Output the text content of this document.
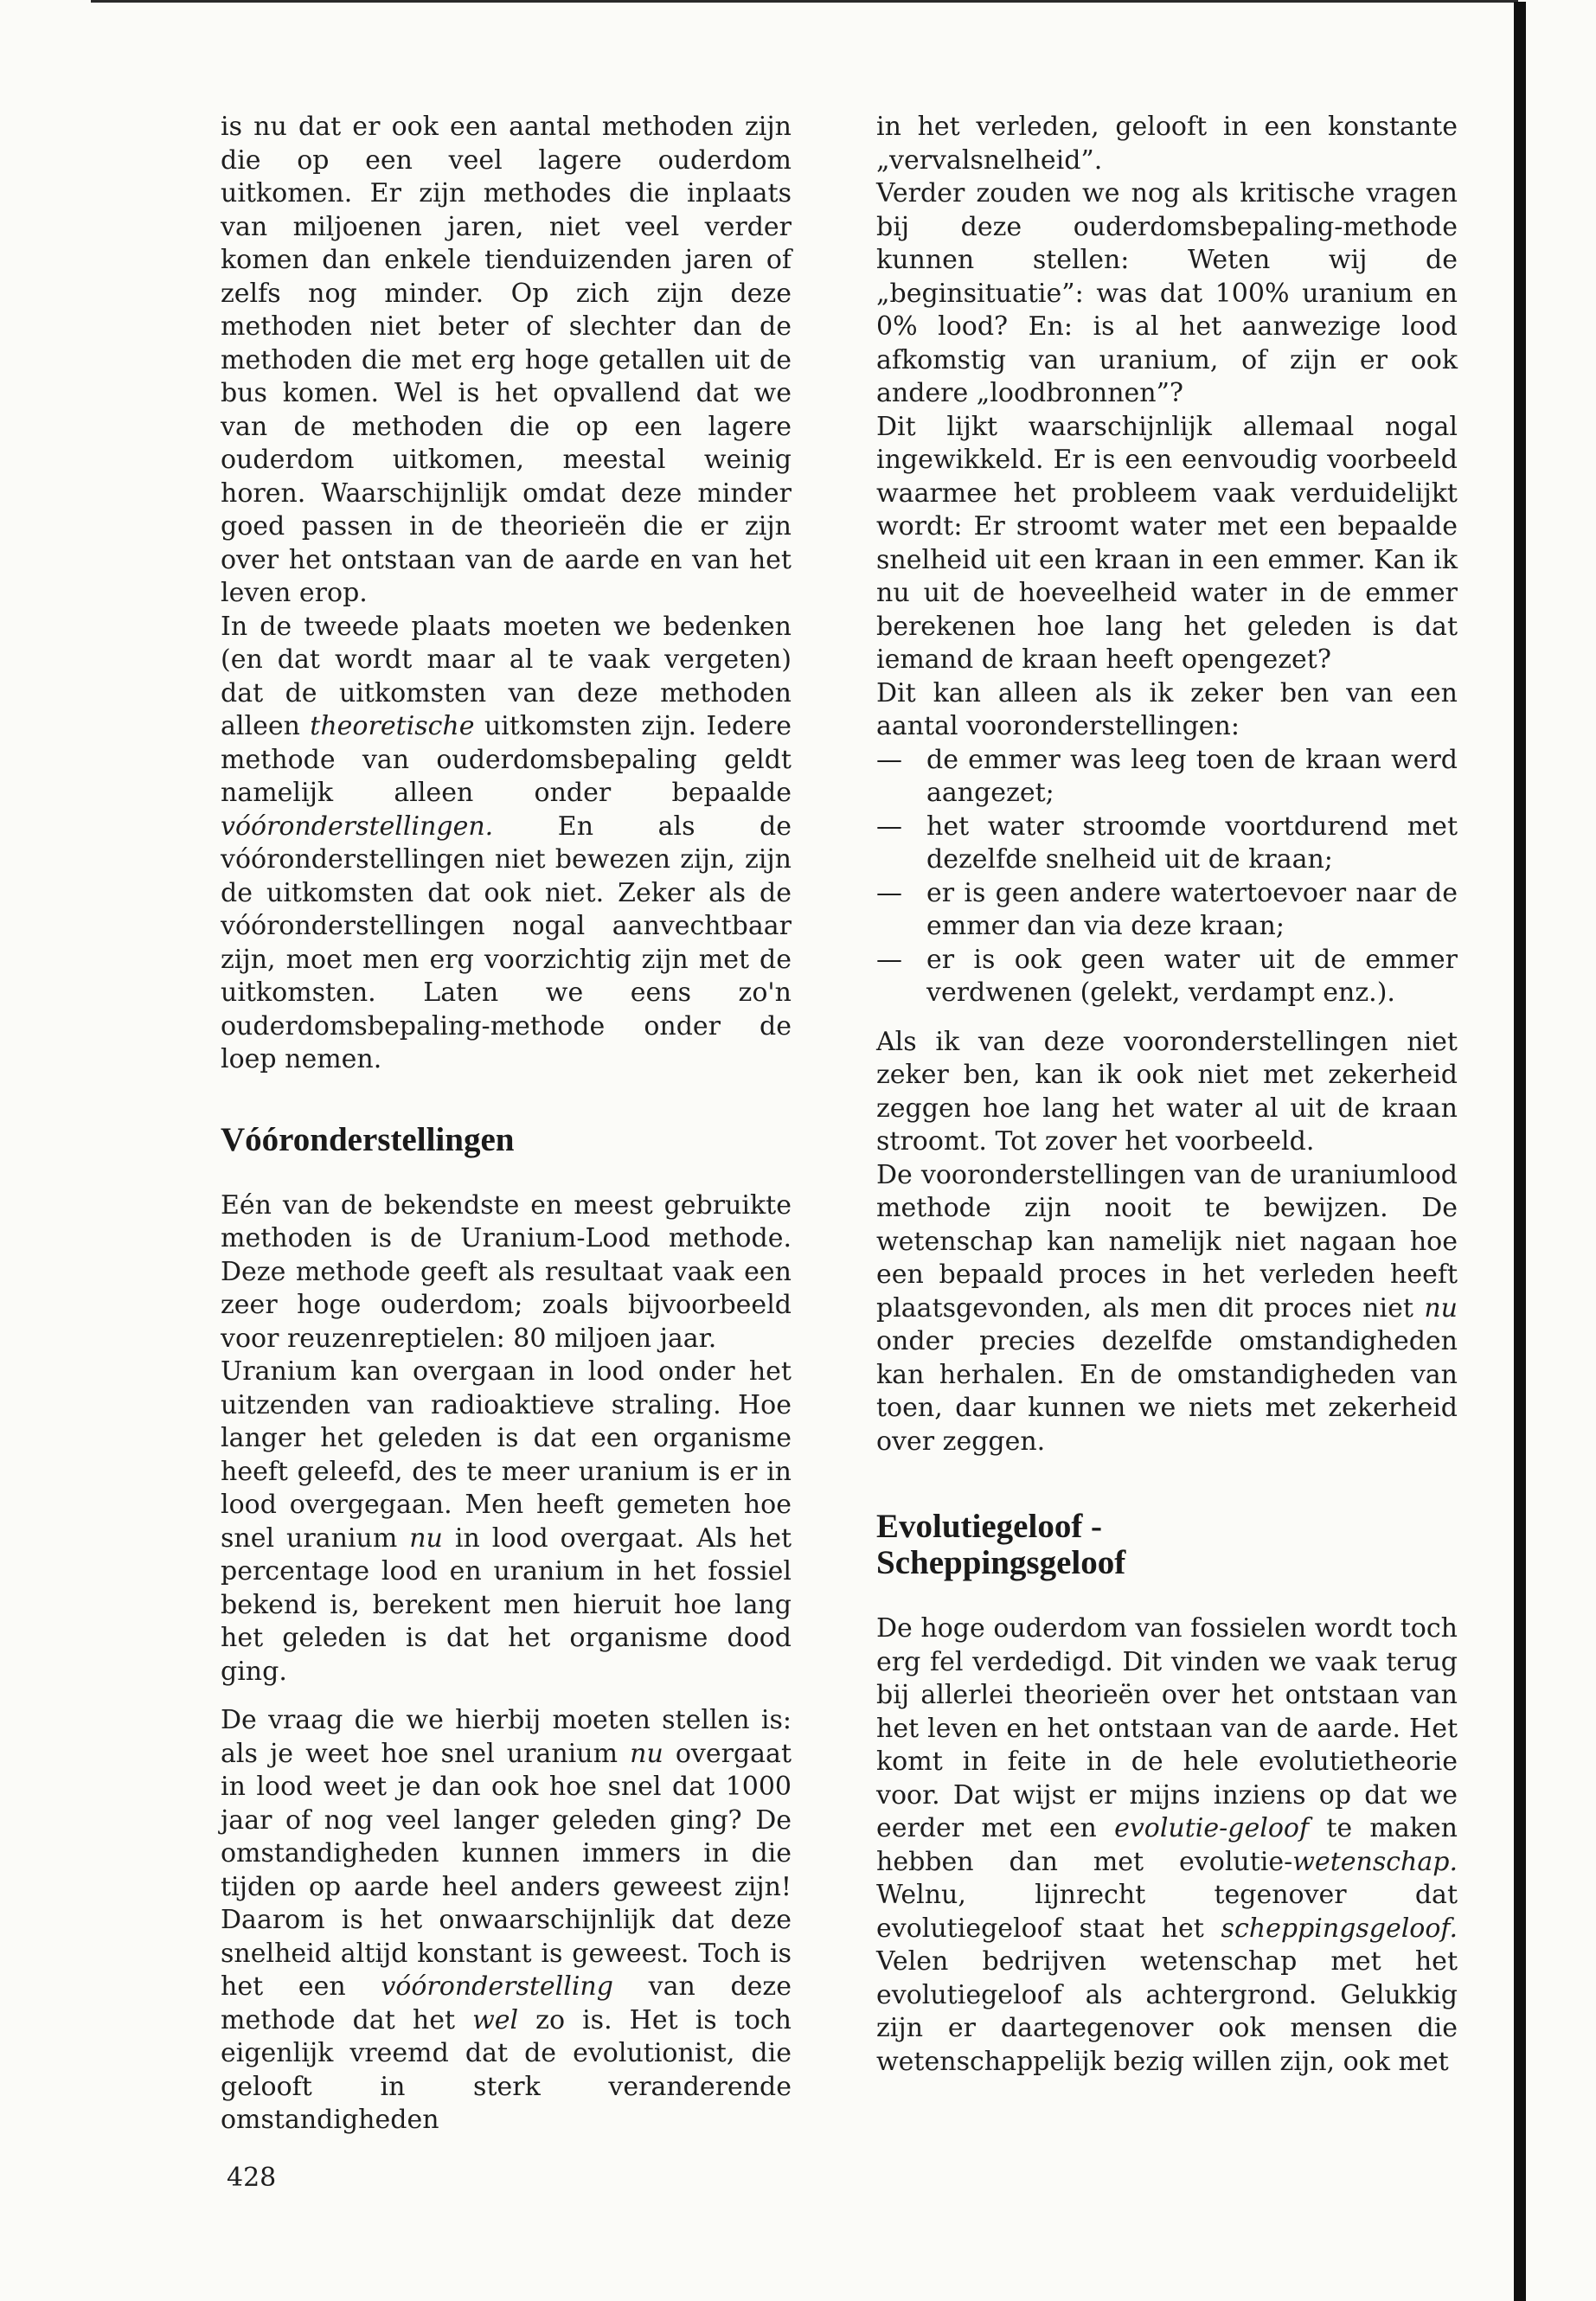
is nu dat er ook een aantal methoden zijn die op een veel lagere ouderdom uitkomen. Er zijn methodes die inplaats van miljoenen jaren, niet veel verder komen dan enkele tienduizenden jaren of zelfs nog minder. Op zich zijn deze methoden niet beter of slechter dan de methoden die met erg hoge getallen uit de bus komen. Wel is het opvallend dat we van de methoden die op een lagere ouderdom uitkomen, meestal weinig horen. Waarschijnlijk omdat deze minder goed passen in de theorieën die er zijn over het ontstaan van de aarde en van het leven erop.

In de tweede plaats moeten we bedenken (en dat wordt maar al te vaak vergeten) dat de uitkomsten van deze methoden alleen theoretische uitkomsten zijn. Iedere methode van ouderdomsbepaling geldt namelijk alleen onder bepaalde vóóronderstellingen. En als de vóóronderstellingen niet bewezen zijn, zijn de uitkomsten dat ook niet. Zeker als de vóóronderstellingen nogal aanvechtbaar zijn, moet men erg voorzichtig zijn met de uitkomsten. Laten we eens zo'n ouderdomsbepaling-methode onder de loep nemen.

Vóóronderstellingen

Eén van de bekendste en meest gebruikte methoden is de Uranium-Lood methode. Deze methode geeft als resultaat vaak een zeer hoge ouderdom; zoals bijvoorbeeld voor reuzenreptielen: 80 miljoen jaar.

Uranium kan overgaan in lood onder het uitzenden van radioaktieve straling. Hoe langer het geleden is dat een organisme heeft geleefd, des te meer uranium is er in lood overgegaan. Men heeft gemeten hoe snel uranium nu in lood overgaat. Als het percentage lood en uranium in het fossiel bekend is, berekent men hieruit hoe lang het geleden is dat het organisme dood ging.

De vraag die we hierbij moeten stellen is: als je weet hoe snel uranium nu overgaat in lood weet je dan ook hoe snel dat 1000 jaar of nog veel langer geleden ging? De omstandigheden kunnen immers in die tijden op aarde heel anders geweest zijn! Daarom is het onwaarschijnlijk dat deze snelheid altijd konstant is geweest. Toch is het een vóóronderstelling van deze methode dat het wel zo is. Het is toch eigenlijk vreemd dat de evolutionist, die gelooft in sterk veranderende omstandigheden

in het verleden, gelooft in een konstante „vervalsnelheid”.

Verder zouden we nog als kritische vragen bij deze ouderdomsbepaling-methode kunnen stellen: Weten wij de „beginsituatie”: was dat 100% uranium en 0% lood? En: is al het aanwezige lood afkomstig van uranium, of zijn er ook andere „loodbronnen”?

Dit lijkt waarschijnlijk allemaal nogal ingewikkeld. Er is een eenvoudig voorbeeld waarmee het probleem vaak verduidelijkt wordt: Er stroomt water met een bepaalde snelheid uit een kraan in een emmer. Kan ik nu uit de hoeveelheid water in de emmer berekenen hoe lang het geleden is dat iemand de kraan heeft opengezet?

Dit kan alleen als ik zeker ben van een aantal vooronderstellingen:

— de emmer was leeg toen de kraan werd aangezet;
— het water stroomde voortdurend met dezelfde snelheid uit de kraan;
— er is geen andere watertoevoer naar de emmer dan via deze kraan;
— er is ook geen water uit de emmer verdwenen (gelekt, verdampt enz.).

Als ik van deze vooronderstellingen niet zeker ben, kan ik ook niet met zekerheid zeggen hoe lang het water al uit de kraan stroomt. Tot zover het voorbeeld.

De vooronderstellingen van de uraniumlood methode zijn nooit te bewijzen. De wetenschap kan namelijk niet nagaan hoe een bepaald proces in het verleden heeft plaatsgevonden, als men dit proces niet nu onder precies dezelfde omstandigheden kan herhalen. En de omstandigheden van toen, daar kunnen we niets met zekerheid over zeggen.

Evolutiegeloof -
Scheppingsgeloof

De hoge ouderdom van fossielen wordt toch erg fel verdedigd. Dit vinden we vaak terug bij allerlei theorieën over het ontstaan van het leven en het ontstaan van de aarde. Het komt in feite in de hele evolutietheorie voor. Dat wijst er mijns inziens op dat we eerder met een evolutie-geloof te maken hebben dan met evolutie-wetenschap. Welnu, lijnrecht tegenover dat evolutiegeloof staat het scheppingsgeloof. Velen bedrijven wetenschap met het evolutiegeloof als achtergrond. Gelukkig zijn er daartegenover ook mensen die wetenschappelijk bezig willen zijn, ook met

428
